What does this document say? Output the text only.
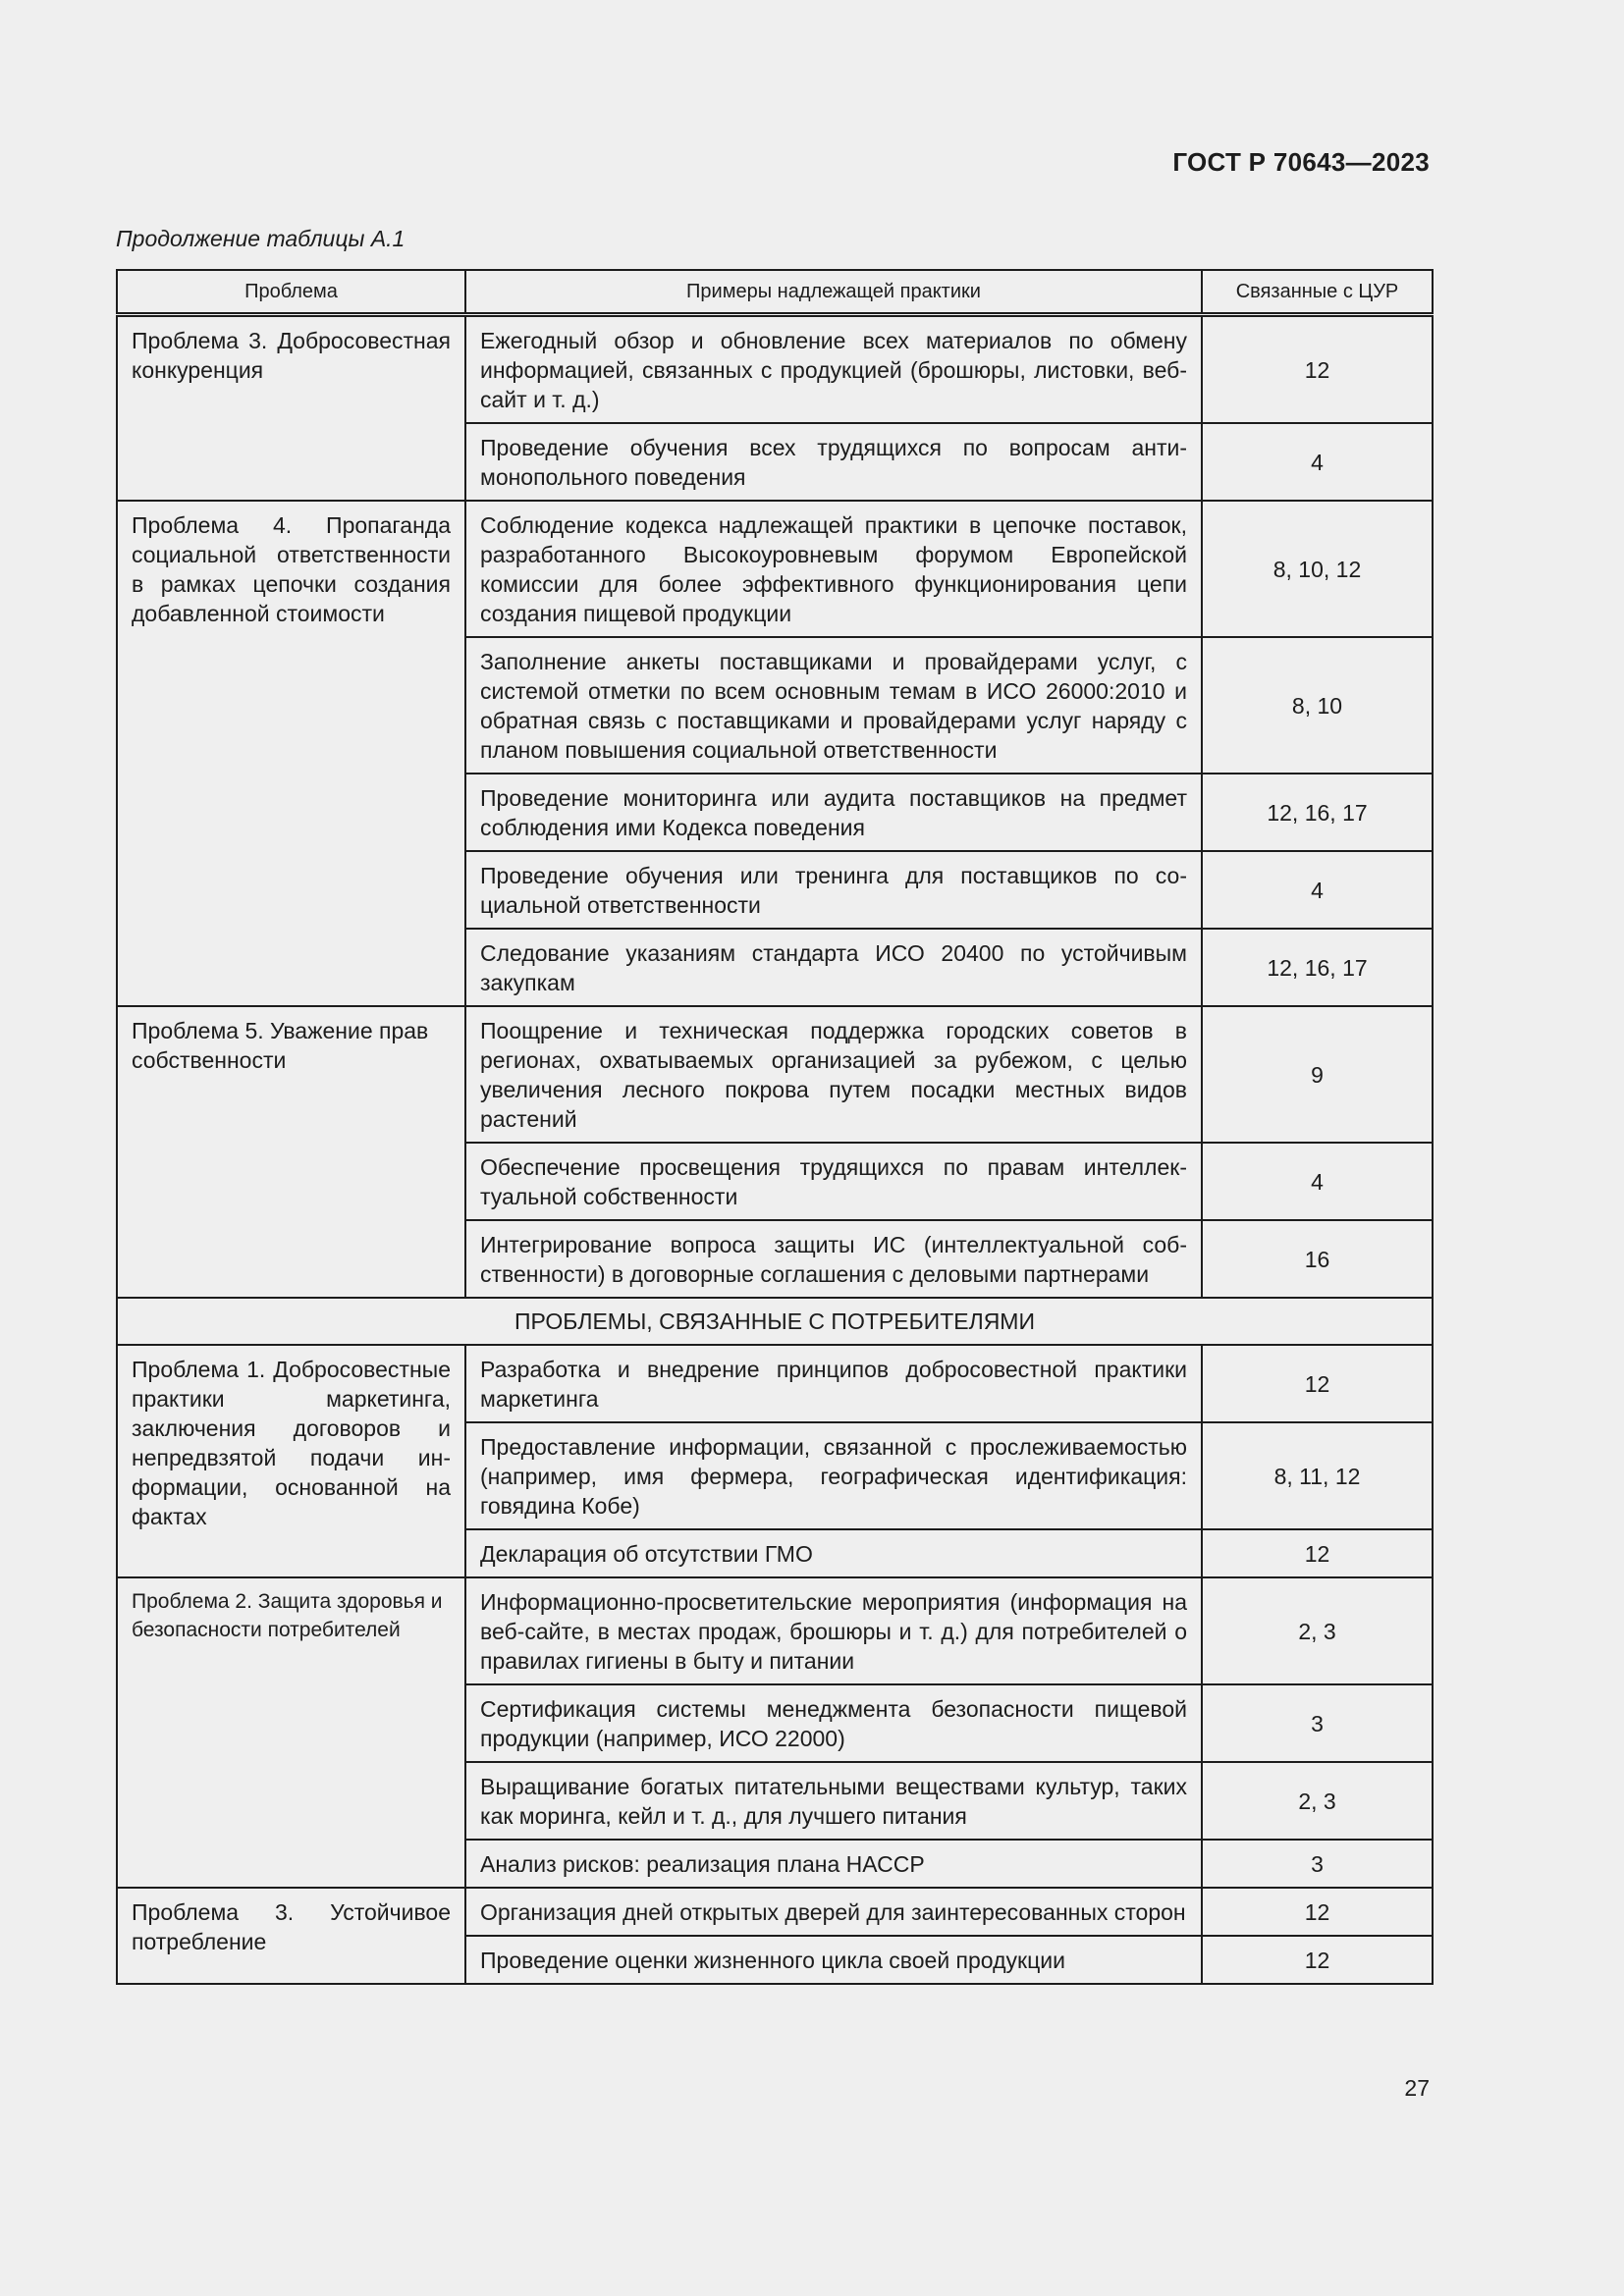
ГОСТ Р 70643—2023
Продолжение таблицы А.1
Проблема	Примеры надлежащей практики	Связанные с ЦУР
Проблема 3. Добросовестная конкуренция	Ежегодный обзор и обновление всех материалов по обмену информацией, связанных с продукцией (брошюры, листовки, веб-сайт и т. д.)	12
	Проведение обучения всех трудящихся по вопросам антимонопольного поведения	4
Проблема 4. Пропаганда социальной ответственности в рамках цепочки создания добавленной стоимости	Соблюдение кодекса надлежащей практики в цепочке поставок, разработанного Высокоуровневым форумом Европейской комиссии для более эффективного функционирования цепи создания пищевой продукции	8, 10, 12
	Заполнение анкеты поставщиками и провайдерами услуг, с системой отметки по всем основным темам в ИСО 26000:2010 и обратная связь с поставщиками и провайдерами услуг наряду с планом повышения социальной ответственности	8, 10
	Проведение мониторинга или аудита поставщиков на предмет соблюдения ими Кодекса поведения	12, 16, 17
	Проведение обучения или тренинга для поставщиков по социальной ответственности	4
	Следование указаниям стандарта ИСО 20400 по устойчивым закупкам	12, 16, 17
Проблема 5. Уважение прав собственности	Поощрение и техническая поддержка городских советов в регионах, охватываемых организацией за рубежом, с целью увеличения лесного покрова путем посадки местных видов растений	9
	Обеспечение просвещения трудящихся по правам интеллектуальной собственности	4
	Интегрирование вопроса защиты ИС (интеллектуальной собственности) в договорные соглашения с деловыми партнерами	16
ПРОБЛЕМЫ, СВЯЗАННЫЕ С ПОТРЕБИТЕЛЯМИ		
Проблема 1. Добросовестные практики маркетинга, заключения договоров и непредвзятой подачи информации, основанной на фактах	Разработка и внедрение принципов добросовестной практики маркетинга	12
	Предоставление информации, связанной с прослеживаемостью (например, имя фермера, географическая идентификация: говядина Кобе)	8, 11, 12
	Декларация об отсутствии ГМО	12
Проблема 2. Защита здоровья и безопасности потребителей	Информационно-просветительские мероприятия (информация на веб-сайте, в местах продаж, брошюры и т. д.) для потребителей о правилах гигиены в быту и питании	2, 3
	Сертификация системы менеджмента безопасности пищевой продукции (например, ИСО 22000)	3
	Выращивание богатых питательными веществами культур, таких как моринга, кейл и т. д., для лучшего питания	2, 3
	Анализ рисков: реализация плана НАССР	3
Проблема 3. Устойчивое потребление	Организация дней открытых дверей для заинтересованных сторон	12
	Проведение оценки жизненного цикла своей продукции	12
27
